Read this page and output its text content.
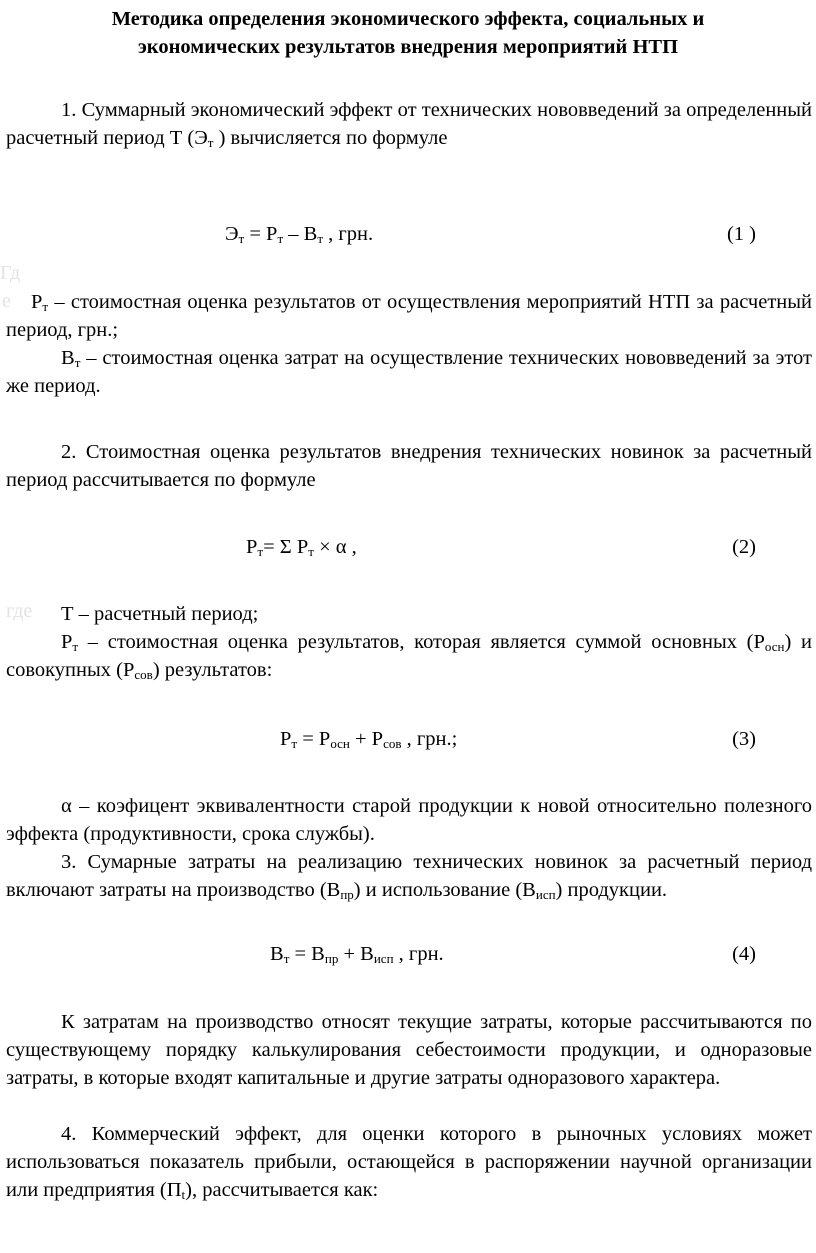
Методика определения экономического эффекта, социальных и
экономических результатов внедрения мероприятий НТП
1. Суммарный экономический эффект от технических нововведений за определенный расчетный период Т ($Э_т$ ) вычисляется по формуле
$Э_т = Р_т - В_т$ , грн.	(1 )
Гд
е $Р_т$ – стоимостная оценка результатов от осуществления мероприятий НТП за расчетный период, грн.;
$В_т$ – стоимостная оценка затрат на осуществление технических нововведений за этот же период.
2. Стоимостная оценка результатов внедрения технических новинок за расчетный период рассчитывается по формуле
$Р_т= \Sigma$ $Р_т \times \alpha$ ,	(2)
где	Т – расчетный период;
$Р_т$ – стоимостная оценка результатов, которая является суммой основных $(Р_{осн})$ и совокупных $(Р_{сов})$ результатов:
$Р_т = Р_{осн} + Р_{сов}$ , грн.;	(3)
α – коэфицент эквивалентности старой продукции к новой относительно полезного эффекта (продуктивности, срока службы).
3. Сумарные затраты на реализацию технических новинок за расчетный период включают затраты на производство $(В_{пр})$ и использование $(В_{исп})$ продукции.
$В_т = В_{пр} + В_{исп}$ , грн.	(4)
К затратам на производство относят текущие затраты, которые рассчитываются по существующему порядку калькулирования себестоимости продукции, и одноразовые затраты, в которые входят капитальные и другие затраты одноразового характера.
4. Коммерческий эффект, для оценки которого в рыночных условиях может использоваться показатель прибыли, остающейся в распоряжении научной организации или предприятия $(П_t)$, рассчитывается как:
